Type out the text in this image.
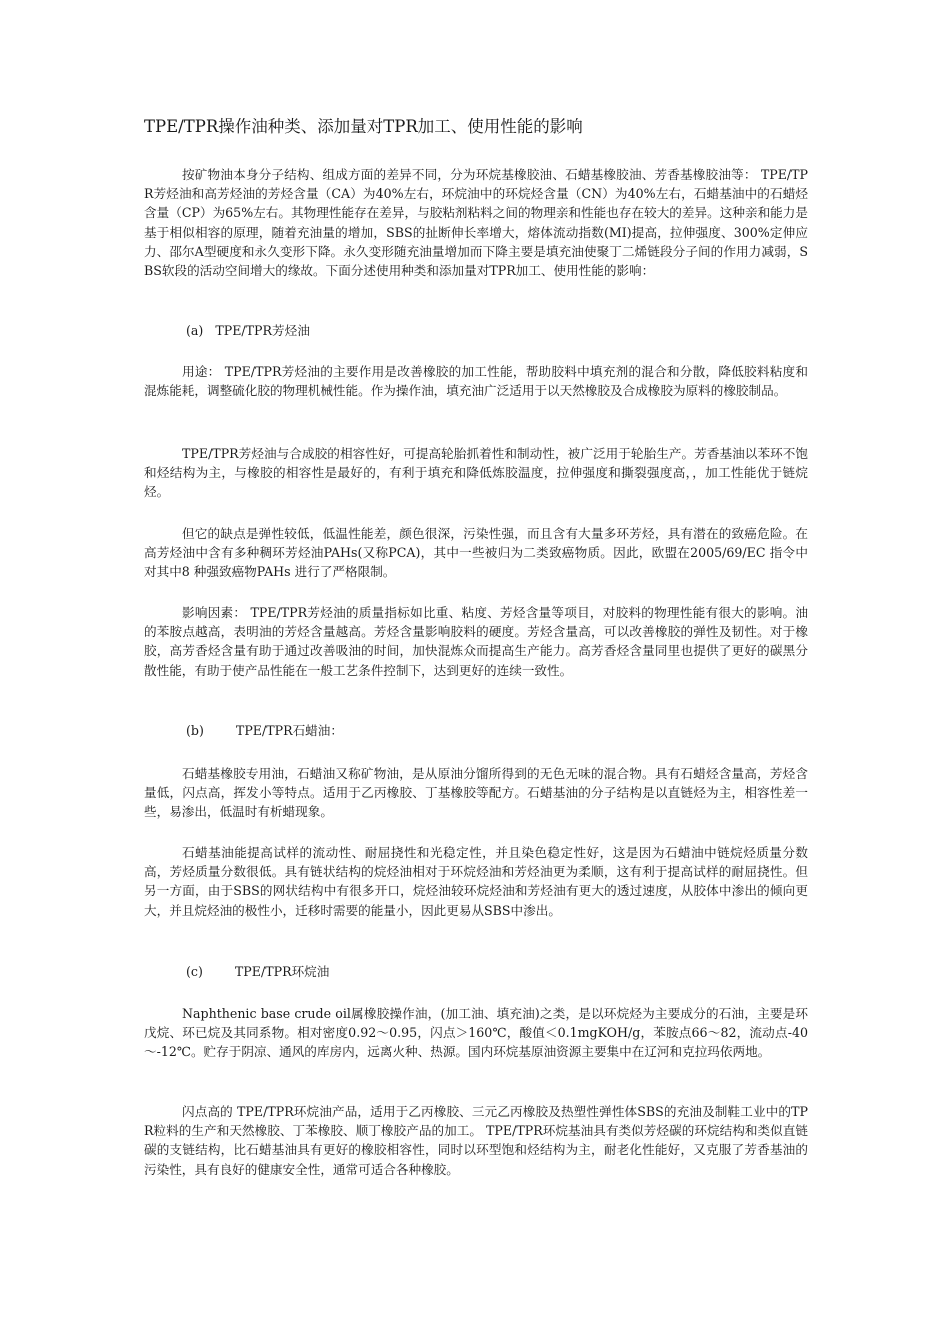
TPE/TPR操作油种类、添加量对TPR加工、使用性能的影响

按矿物油本身分子结构、组成方面的差异不同，分为环烷基橡胶油、石蜡基橡胶油、芳香基橡胶油等： TPE/TPR芳烃油和高芳烃油的芳烃含量（CA）为40%左右，环烷油中的环烷烃含量（CN）为40%左右，石蜡基油中的石蜡烃含量（CP）为65%左右。其物理性能存在差异，与胶粘剂粘料之间的物理亲和性能也存在较大的差异。这种亲和能力是基于相似相容的原理，随着充油量的增加，SBS的扯断伸长率增大，熔体流动指数(MI)提高，拉伸强度、300%定伸应力、邵尔A型硬度和永久变形下降。永久变形随充油量增加而下降主要是填充油使聚丁二烯链段分子间的作用力减弱，SBS软段的活动空间增大的缘故。下面分述使用种类和添加量对TPR加工、使用性能的影响：

(a)   TPE/TPR芳烃油

用途： TPE/TPR芳烃油的主要作用是改善橡胶的加工性能，帮助胶料中填充剂的混合和分散，降低胶料粘度和混炼能耗，调整硫化胶的物理机械性能。作为操作油，填充油广泛适用于以天然橡胶及合成橡胶为原料的橡胶制品。

TPE/TPR芳烃油与合成胶的相容性好，可提高轮胎抓着性和制动性，被广泛用于轮胎生产。芳香基油以苯环不饱和烃结构为主，与橡胶的相容性是最好的，有利于填充和降低炼胶温度，拉伸强度和撕裂强度高，，加工性能优于链烷烃。

但它的缺点是弹性较低，低温性能差，颜色很深，污染性强，而且含有大量多环芳烃，具有潜在的致癌危险。在高芳烃油中含有多种稠环芳烃油PAHs(又称PCA)，其中一些被归为二类致癌物质。因此，欧盟在2005/69/EC 指令中对其中8 种强致癌物PAHs 进行了严格限制。

影响因素： TPE/TPR芳烃油的质量指标如比重、粘度、芳烃含量等项目，对胶料的物理性能有很大的影响。油的苯胺点越高，表明油的芳烃含量越高。芳烃含量影响胶料的硬度。芳烃含量高，可以改善橡胶的弹性及韧性。对于橡胶，高芳香烃含量有助于通过改善吸油的时间，加快混炼众而提高生产能力。高芳香烃含量同里也提供了更好的碳黑分散性能，有助于使产品性能在一般工艺条件控制下，达到更好的连续一致性。

(b)        TPE/TPR石蜡油：

石蜡基橡胶专用油，石蜡油又称矿物油，是从原油分馏所得到的无色无味的混合物。具有石蜡烃含量高，芳烃含量低，闪点高，挥发小等特点。适用于乙丙橡胶、丁基橡胶等配方。石蜡基油的分子结构是以直链烃为主，相容性差一些，易渗出，低温时有析蜡现象。

石蜡基油能提高试样的流动性、耐屈挠性和光稳定性，并且染色稳定性好，这是因为石蜡油中链烷烃质量分数高，芳烃质量分数很低。具有链状结构的烷烃油相对于环烷烃油和芳烃油更为柔顺，这有利于提高试样的耐屈挠性。但另一方面，由于SBS的网状结构中有很多开口，烷烃油较环烷烃油和芳烃油有更大的透过速度，从胶体中渗出的倾向更大，并且烷烃油的极性小，迁移时需要的能量小，因此更易从SBS中渗出。

(c)        TPE/TPR环烷油

Naphthenic base crude oil属橡胶操作油，(加工油、填充油)之类，是以环烷烃为主要成分的石油，主要是环戊烷、环已烷及其同系物。相对密度0.92～0.95，闪点＞160℃，酸值＜0.1mgKOH/g，苯胺点66～82，流动点-40～-12℃。贮存于阴凉、通风的库房内，远离火种、热源。国内环烷基原油资源主要集中在辽河和克拉玛依两地。

闪点高的 TPE/TPR环烷油产品，适用于乙丙橡胶、三元乙丙橡胶及热塑性弹性体SBS的充油及制鞋工业中的TPR粒料的生产和天然橡胶、丁苯橡胶、顺丁橡胶产品的加工。 TPE/TPR环烷基油具有类似芳烃碳的环烷结构和类似直链碳的支链结构，比石蜡基油具有更好的橡胶相容性，同时以环型饱和烃结构为主，耐老化性能好，又克服了芳香基油的污染性，具有良好的健康安全性，通常可适合各种橡胶。
